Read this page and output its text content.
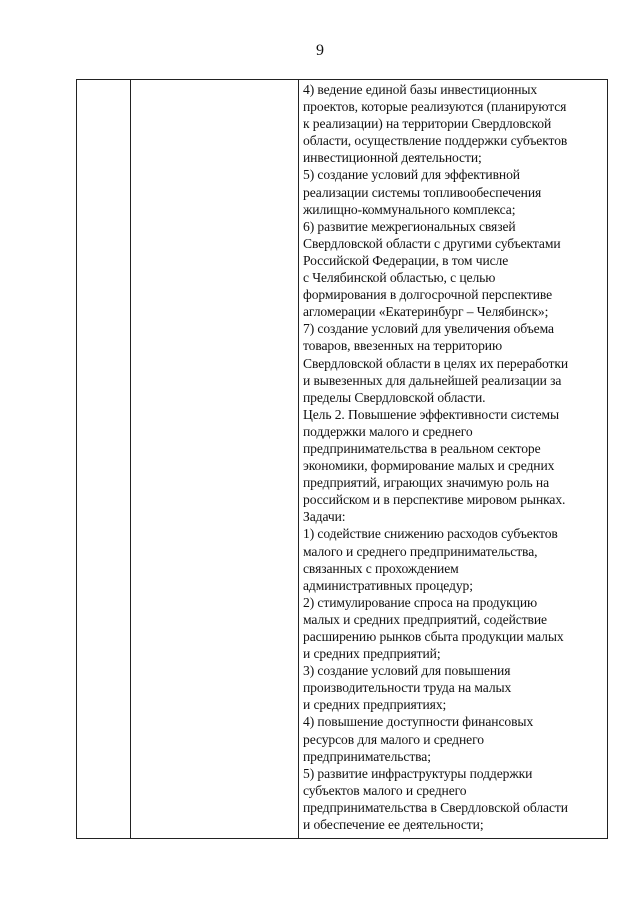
9
4) ведение единой базы инвестиционных
проектов, которые реализуются (планируются
к реализации) на территории Свердловской
области, осуществление поддержки субъектов
инвестиционной деятельности;
5) создание условий для эффективной
реализации системы топливообеспечения
жилищно-коммунального комплекса;
6) развитие межрегиональных связей
Свердловской области с другими субъектами
Российской Федерации, в том числе
с Челябинской областью, с целью
формирования в долгосрочной перспективе
агломерации «Екатеринбург – Челябинск»;
7) создание условий для увеличения объема
товаров, ввезенных на территорию
Свердловской области в целях их переработки
и вывезенных для дальнейшей реализации за
пределы Свердловской области.
Цель 2. Повышение эффективности системы
поддержки малого и среднего
предпринимательства в реальном секторе
экономики, формирование малых и средних
предприятий, играющих значимую роль на
российском и в перспективе мировом рынках.
Задачи:
1) содействие снижению расходов субъектов
малого и среднего предпринимательства,
связанных с прохождением
административных процедур;
2) стимулирование спроса на продукцию
малых и средних предприятий, содействие
расширению рынков сбыта продукции малых
и средних предприятий;
3) создание условий для повышения
производительности труда на малых
и средних предприятиях;
4) повышение доступности финансовых
ресурсов для малого и среднего
предпринимательства;
5) развитие инфраструктуры поддержки
субъектов малого и среднего
предпринимательства в Свердловской области
и обеспечение ее деятельности;
